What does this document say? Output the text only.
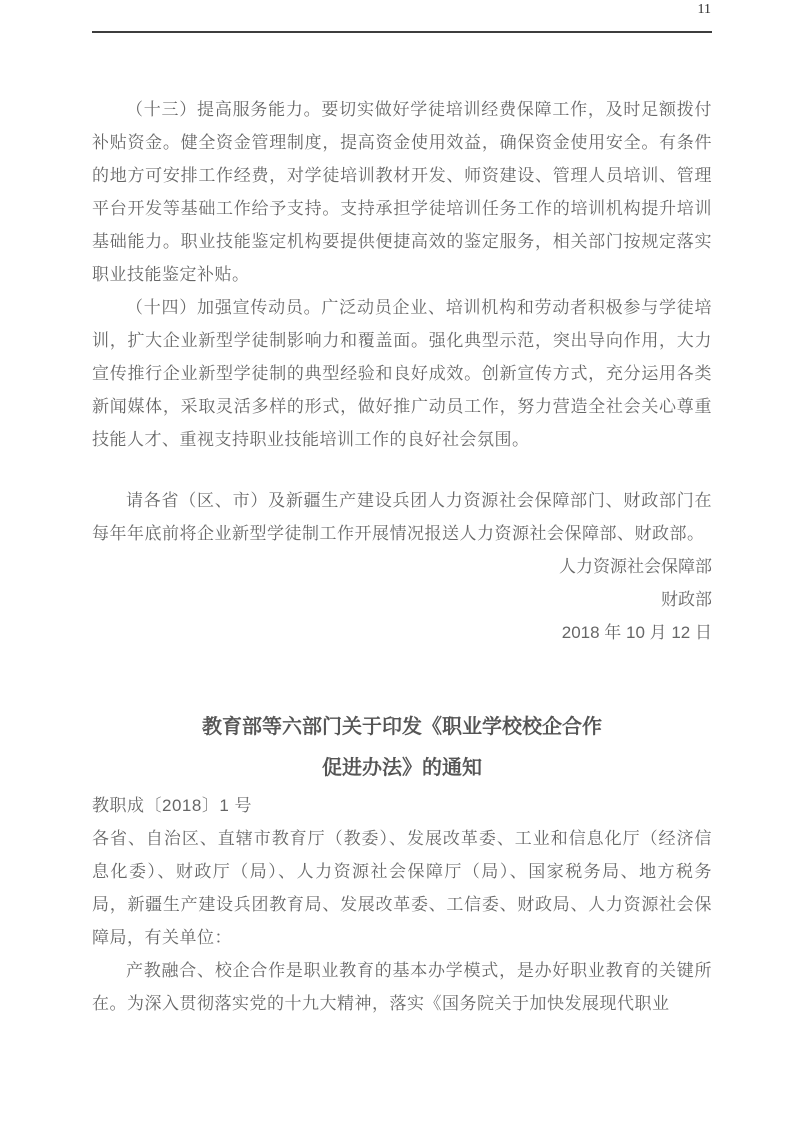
11

（十三）提高服务能力。要切实做好学徒培训经费保障工作，及时足额拨付补贴资金。健全资金管理制度，提高资金使用效益，确保资金使用安全。有条件的地方可安排工作经费，对学徒培训教材开发、师资建设、管理人员培训、管理平台开发等基础工作给予支持。支持承担学徒培训任务工作的培训机构提升培训基础能力。职业技能鉴定机构要提供便捷高效的鉴定服务，相关部门按规定落实职业技能鉴定补贴。

（十四）加强宣传动员。广泛动员企业、培训机构和劳动者积极参与学徒培训，扩大企业新型学徒制影响力和覆盖面。强化典型示范，突出导向作用，大力宣传推行企业新型学徒制的典型经验和良好成效。创新宣传方式，充分运用各类新闻媒体，采取灵活多样的形式，做好推广动员工作，努力营造全社会关心尊重技能人才、重视支持职业技能培训工作的良好社会氛围。

请各省（区、市）及新疆生产建设兵团人力资源社会保障部门、财政部门在每年年底前将企业新型学徒制工作开展情况报送人力资源社会保障部、财政部。

人力资源社会保障部

财政部

2018 年 10 月 12 日

教育部等六部门关于印发《职业学校校企合作
促进办法》的通知

教职成〔2018〕1 号

各省、自治区、直辖市教育厅（教委）、发展改革委、工业和信息化厅（经济信息化委）、财政厅（局）、人力资源社会保障厅（局）、国家税务局、地方税务局，新疆生产建设兵团教育局、发展改革委、工信委、财政局、人力资源社会保障局，有关单位：

产教融合、校企合作是职业教育的基本办学模式，是办好职业教育的关键所在。为深入贯彻落实党的十九大精神，落实《国务院关于加快发展现代职业
